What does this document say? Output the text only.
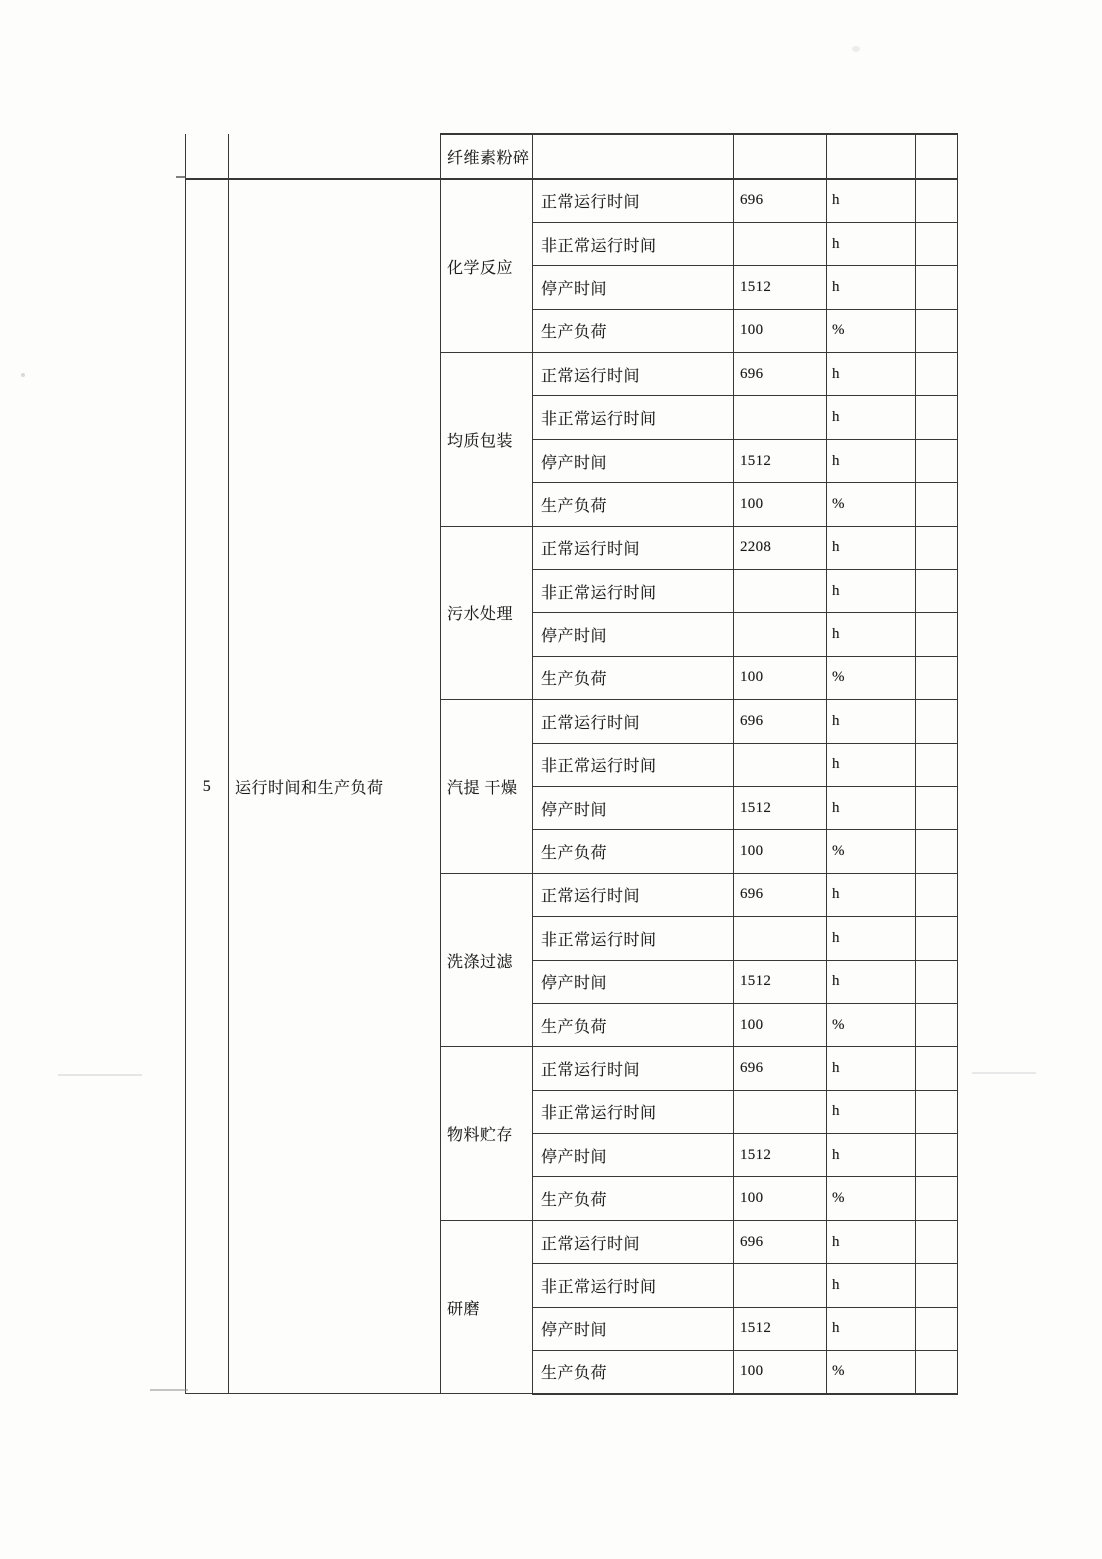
		纤维素粉碎				
5	运行时间和生产负荷	化学反应	正常运行时间	696	h	
			非正常运行时间		h	
			停产时间	1512	h	
			生产负荷	100	%	
		均质包装	正常运行时间	696	h	
			非正常运行时间		h	
			停产时间	1512	h	
			生产负荷	100	%	
		污水处理	正常运行时间	2208	h	
			非正常运行时间		h	
			停产时间		h	
			生产负荷	100	%	
		汽提 干燥	正常运行时间	696	h	
			非正常运行时间		h	
			停产时间	1512	h	
			生产负荷	100	%	
		洗涤过滤	正常运行时间	696	h	
			非正常运行时间		h	
			停产时间	1512	h	
			生产负荷	100	%	
		物料贮存	正常运行时间	696	h	
			非正常运行时间		h	
			停产时间	1512	h	
			生产负荷	100	%	
		研磨	正常运行时间	696	h	
			非正常运行时间		h	
			停产时间	1512	h	
			生产负荷	100	%	
